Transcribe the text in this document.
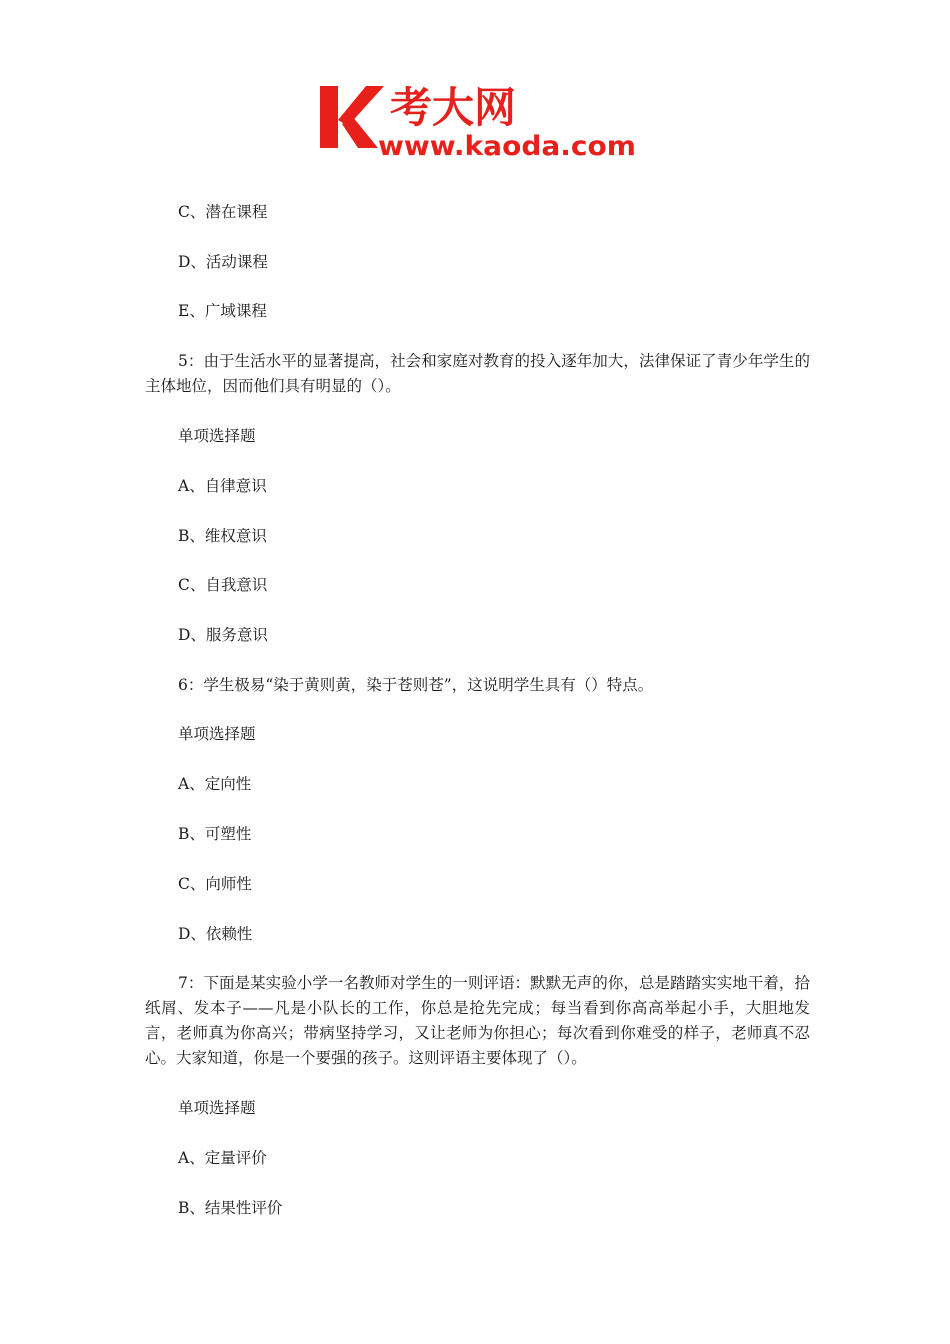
考大网
www.kaoda.com
C、潜在课程
D、活动课程
E、广域课程
5：由于生活水平的显著提高，社会和家庭对教育的投入逐年加大，法律保证了青少年学生的主体地位，因而他们具有明显的（）。
单项选择题
A、自律意识
B、维权意识
C、自我意识
D、服务意识
6：学生极易“染于黄则黄，染于苍则苍”，这说明学生具有（）特点。
单项选择题
A、定向性
B、可塑性
C、向师性
D、依赖性
7：下面是某实验小学一名教师对学生的一则评语：默默无声的你，总是踏踏实实地干着，拾纸屑、发本子——凡是小队长的工作，你总是抢先完成；每当看到你高高举起小手，大胆地发言，老师真为你高兴；带病坚持学习，又让老师为你担心；每次看到你难受的样子，老师真不忍心。大家知道，你是一个要强的孩子。这则评语主要体现了（）。
单项选择题
A、定量评价
B、结果性评价
